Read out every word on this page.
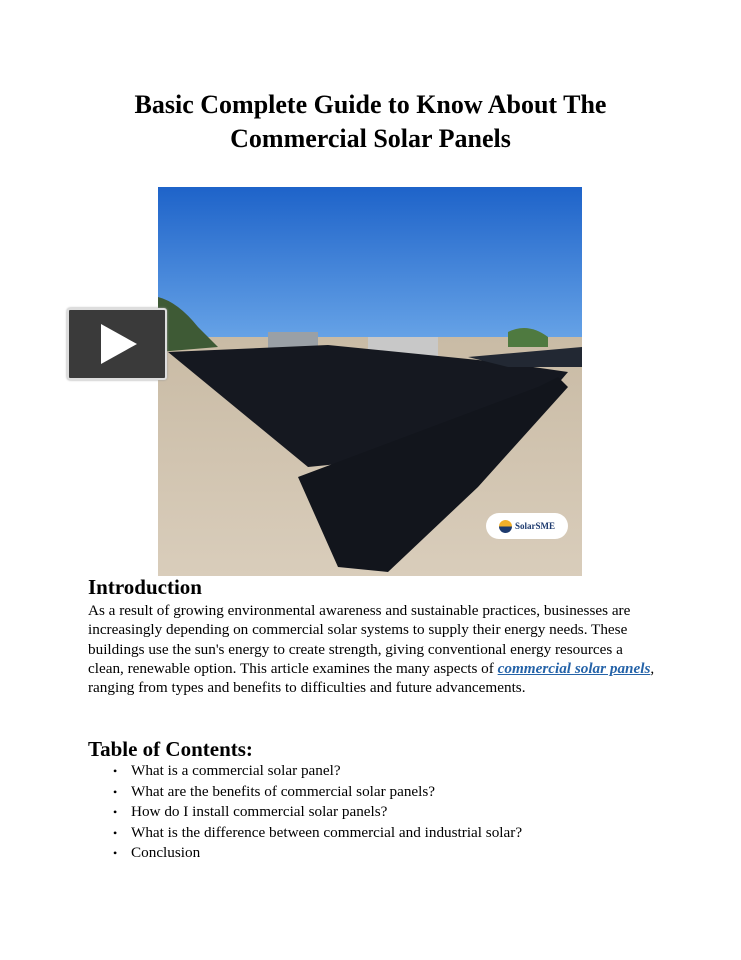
Basic Complete Guide to Know About The
Commercial Solar Panels
SolarSME
Introduction

As a result of growing environmental awareness and sustainable practices, businesses are increasingly depending on commercial solar systems to supply their energy needs. These buildings use the sun's energy to create strength, giving conventional energy resources a clean, renewable option. This article examines the many aspects of commercial solar panels, ranging from types and benefits to difficulties and future advancements.

Table of Contents:
• What is a commercial solar panel?
• What are the benefits of commercial solar panels?
• How do I install commercial solar panels?
• What is the difference between commercial and industrial solar?
• Conclusion
